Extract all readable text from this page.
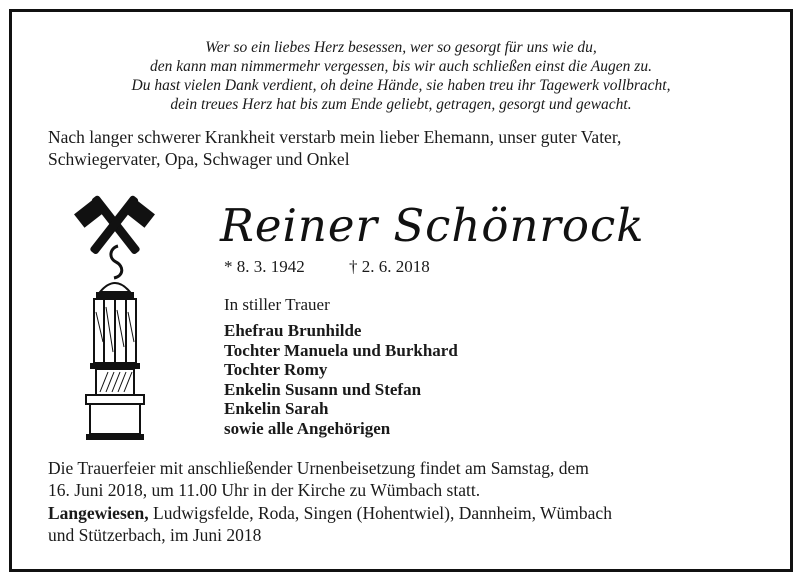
Wer so ein liebes Herz besessen, wer so gesorgt für uns wie du,
den kann man nimmermehr vergessen, bis wir auch schließen einst die Augen zu.
Du hast vielen Dank verdient, oh deine Hände, sie haben treu ihr Tagewerk vollbracht,
dein treues Herz hat bis zum Ende geliebt, getragen, gesorgt und gewacht.
Nach langer schwerer Krankheit verstarb mein lieber Ehemann, unser guter Vater,
Schwiegervater, Opa, Schwager und Onkel
Reiner Schönrock
* 8. 3. 1942	† 2. 6. 2018
In stiller Trauer
Ehefrau Brunhilde
Tochter Manuela und Burkhard
Tochter Romy
Enkelin Susann und Stefan
Enkelin Sarah
sowie alle Angehörigen
Die Trauerfeier mit anschließender Urnenbeisetzung findet am Samstag, dem
16. Juni 2018, um 11.00 Uhr in der Kirche zu Wümbach statt.
Langewiesen, Ludwigsfelde, Roda, Singen (Hohentwiel), Dannheim, Wümbach
und Stützerbach, im Juni 2018
